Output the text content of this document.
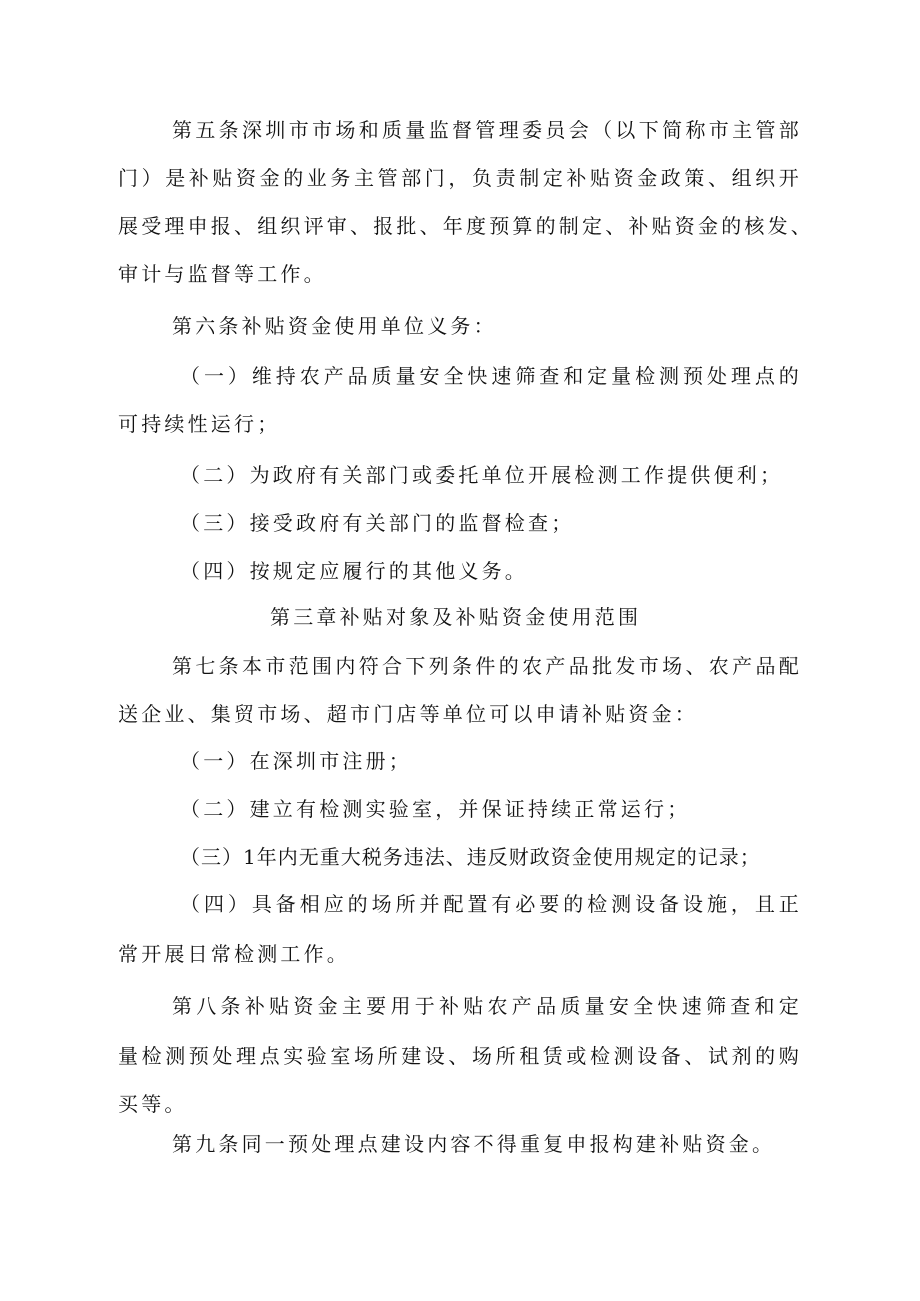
第五条深圳市市场和质量监督管理委员会（以下简称市主管部
门）是补贴资金的业务主管部门，负责制定补贴资金政策、组织开
展受理申报、组织评审、报批、年度预算的制定、补贴资金的核发、
审计与监督等工作。
第六条补贴资金使用单位义务：
（一）维持农产品质量安全快速筛查和定量检测预处理点的
可持续性运行；
（二）为政府有关部门或委托单位开展检测工作提供便利；
（三）接受政府有关部门的监督检查；
（四）按规定应履行的其他义务。
第三章补贴对象及补贴资金使用范围
第七条本市范围内符合下列条件的农产品批发市场、农产品配
送企业、集贸市场、超市门店等单位可以申请补贴资金：
（一）在深圳市注册；
（二）建立有检测实验室，并保证持续正常运行；
（三）1年内无重大税务违法、违反财政资金使用规定的记录；
（四）具备相应的场所并配置有必要的检测设备设施，且正
常开展日常检测工作。
第八条补贴资金主要用于补贴农产品质量安全快速筛查和定
量检测预处理点实验室场所建设、场所租赁或检测设备、试剂的购
买等。
第九条同一预处理点建设内容不得重复申报构建补贴资金。
